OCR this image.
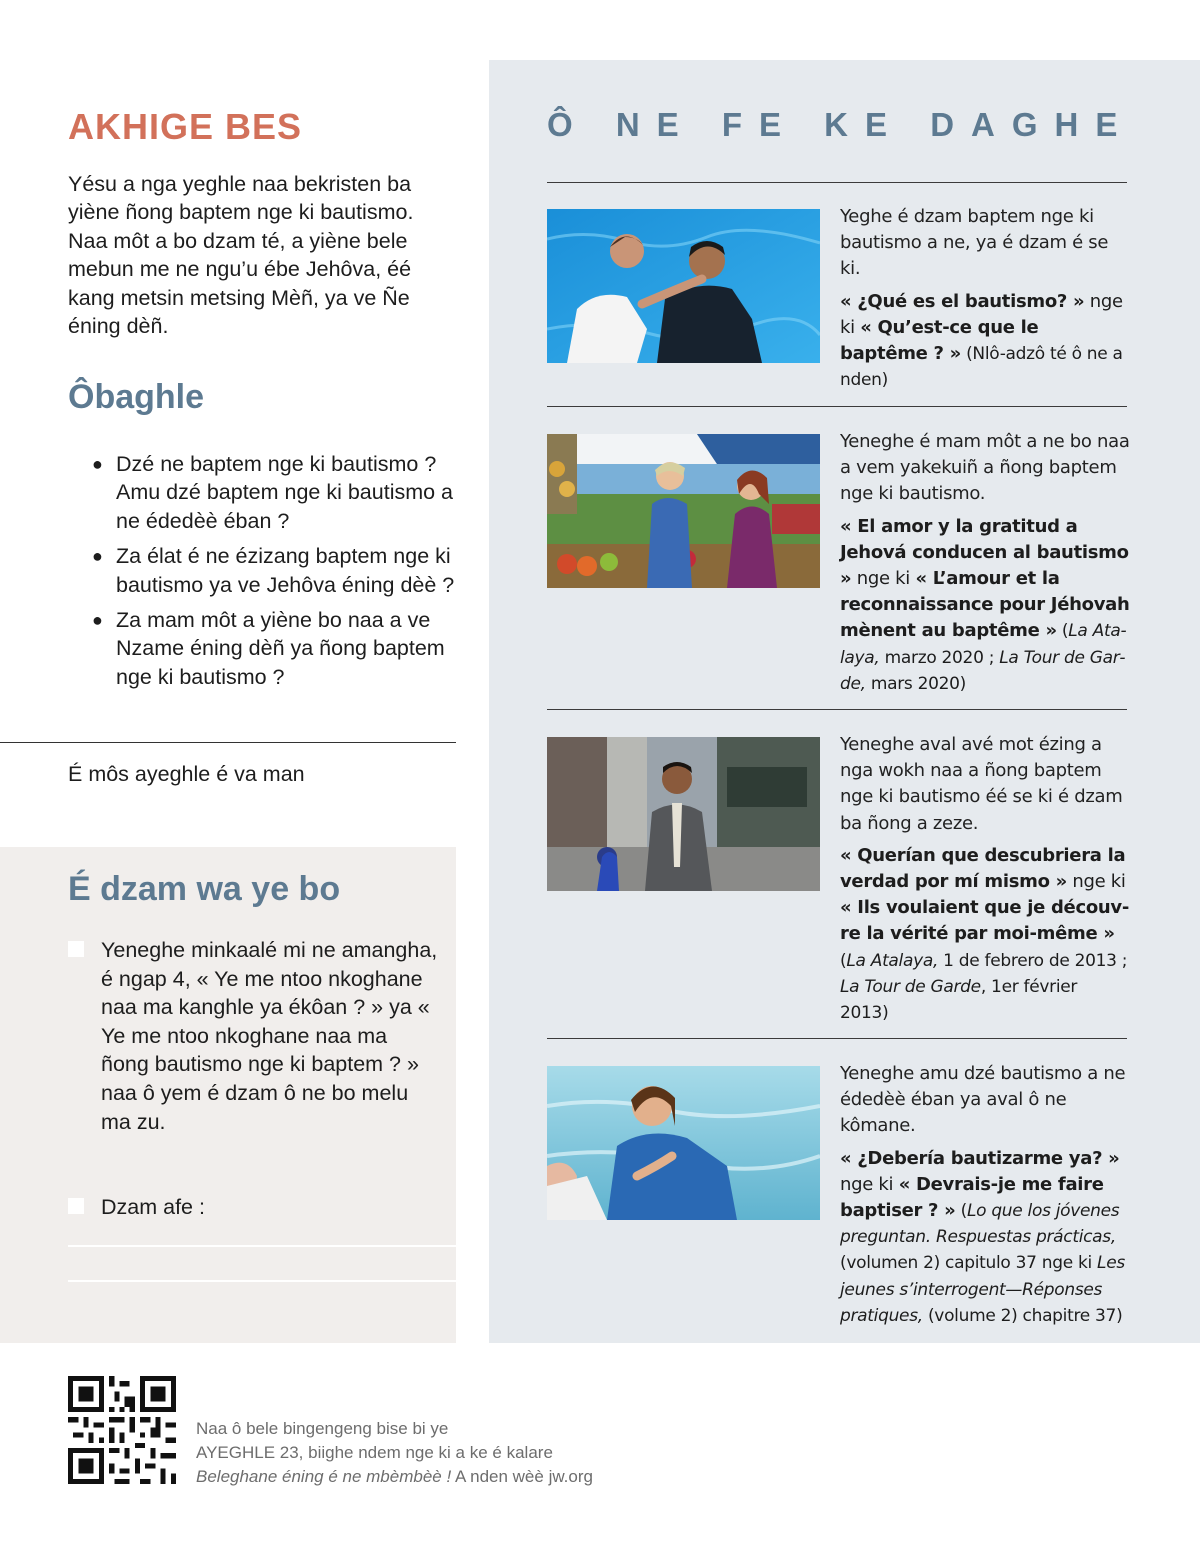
AKHIGE BES

Yésu a nga yeghle naa bekristen ba yiène ñong baptem nge ki bautismo. Naa môt a bo dzam té, a yiène bele mebun me ne ngu’u ébe Jehôva, éé kang metsin metsing Mèñ, ya ve Ñe éning dèñ.

Ôbaghle
● Dzé ne baptem nge ki bautismo ? Amu dzé baptem nge ki bautismo a ne édedèè éban ?
● Za élat é ne ézizang baptem nge ki bautismo ya ve Jehôva éning dèè ?
● Za mam môt a yiène bo naa a ve Nzame éning dèñ ya ñong baptem nge ki bautismo ?
É môs ayeghle é va man
É dzam wa ye bo
Yeneghe minkaalé mi ne amangha, é ngap 4, « Ye me ntoo nkoghane naa ma kanghle ya ékôan ? » ya « Ye me ntoo nkoghane naa ma ñong bautismo nge ki baptem ? » naa ô yem é dzam ô ne bo melu ma zu.
Dzam afe :
Ô NE FE KE DAGHE
Yeghe é dzam baptem nge ki bautismo a ne, ya é dzam é se ki.
« ¿Qué es el bautismo? » nge ki « Qu’est-ce que le baptême ? » (Nlô-adzô té ô ne a nden)
Yeneghe é mam môt a ne bo naa a vem yakekuiñ a ñong baptem nge ki bautismo.
« El amor y la gratitud a Jehová conducen al bautismo » nge ki « L’amour et la reconnaissance pour Jéhovah mènent au baptême » (La Atalaya, marzo 2020 ; La Tour de Garde, mars 2020)
Yeneghe aval avé mot ézing a nga wokh naa a ñong baptem nge ki bautismo éé se ki é dzam ba ñong a zeze.
« Querían que descubriera la verdad por mí mismo » nge ki « Ils voulaient que je découvre la vérité par moi-même » (La Atalaya, 1 de febrero de 2013 ; La Tour de Garde, 1er février 2013)
Yeneghe amu dzé bautismo a ne édedèè éban ya aval ô ne kômane.
« ¿Debería bautizarme ya? » nge ki « Devrais-je me faire baptiser ? » (Lo que los jóvenes preguntan. Respuestas prácticas, (volumen 2) capitulo 37 nge ki Les jeunes s’interrogent—Réponses pratiques, (volume 2) chapitre 37)
Naa ô bele bingengeng bise bi ye
AYEGHLE 23, biighe ndem nge ki a ke é kalare
Beleghane éning é ne mbèmbèè ! A nden wèè jw.org
